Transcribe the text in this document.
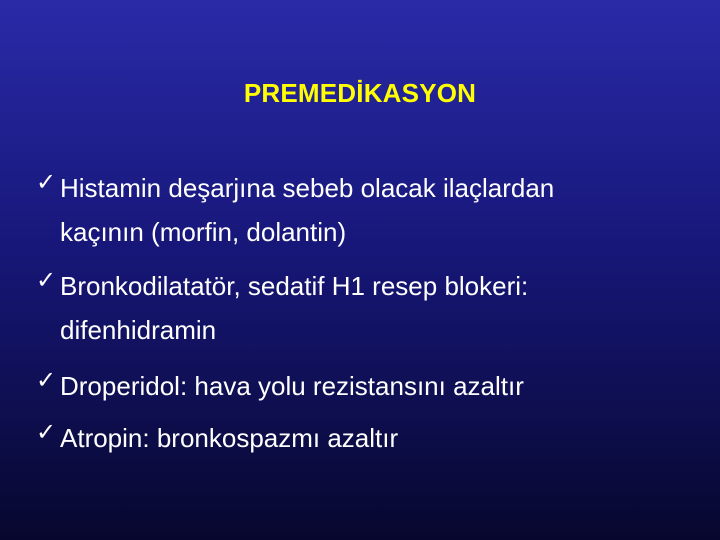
PREMEDİKASYON
✓ Histamin deşarjına sebeb olacak ilaçlardan
kaçının (morfin, dolantin)
✓ Bronkodilatatör, sedatif H1 resep blokeri:
difenhidramin
✓ Droperidol: hava yolu rezistansını azaltır
✓ Atropin: bronkospazmı azaltır
